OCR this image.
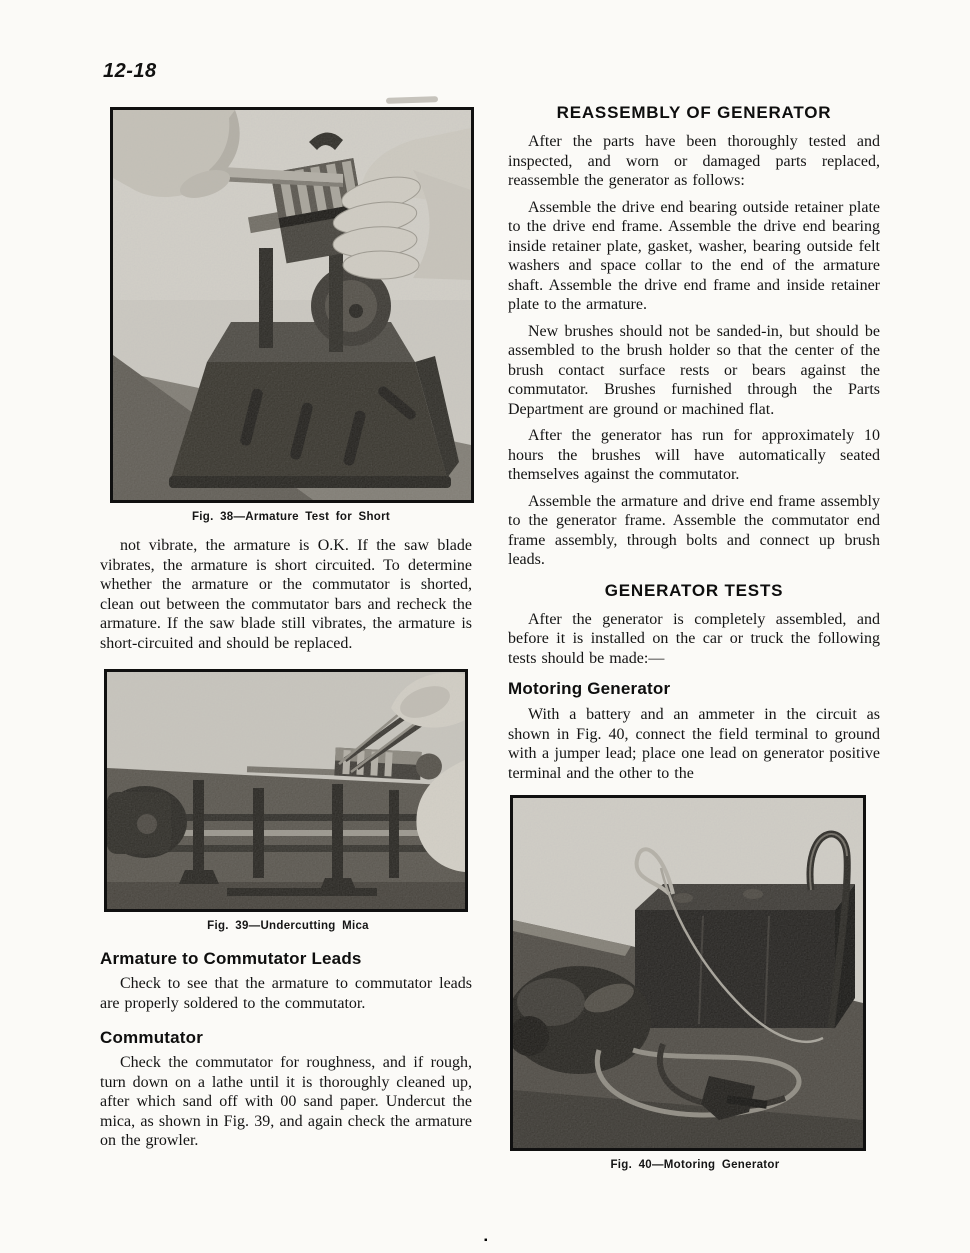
12-18
Fig. 38—Armature Test for Short

not vibrate, the armature is O.K. If the saw blade vibrates, the armature is short circuited. To determine whether the armature or the commutator is shorted, clean out between the commutator bars and recheck the armature. If the saw blade still vibrates, the armature is short-circuited and should be replaced.

Fig. 39—Undercutting Mica
Armature to Commutator Leads

Check to see that the armature to commutator leads are properly soldered to the commutator.

Commutator

Check the commutator for roughness, and if rough, turn down on a lathe until it is thoroughly cleaned up, after which sand off with 00 sand paper. Undercut the mica, as shown in Fig. 39, and again check the armature on the growler.

REASSEMBLY OF GENERATOR

After the parts have been thoroughly tested and inspected, and worn or damaged parts replaced, reassemble the generator as follows:

Assemble the drive end bearing outside retainer plate to the drive end frame. Assemble the drive end bearing inside retainer plate, gasket, washer, bearing outside felt washers and space collar to the end of the armature shaft. Assemble the drive end frame and inside retainer plate to the armature.

New brushes should not be sanded-in, but should be assembled to the brush holder so that the center of the brush contact surface rests or bears against the commutator. Brushes furnished through the Parts Department are ground or machined flat.

After the generator has run for approximately 10 hours the brushes will have automatically seated themselves against the commutator.

Assemble the armature and drive end frame assembly to the generator frame. Assemble the commutator end frame assembly, through bolts and connect up brush leads.

GENERATOR TESTS

After the generator is completely assembled, and before it is installed on the car or truck the following tests should be made:—

Motoring Generator

With a battery and an ammeter in the circuit as shown in Fig. 40, connect the field terminal to ground with a jumper lead; place one lead on generator positive terminal and the other to the

Fig. 40—Motoring Generator
▪
